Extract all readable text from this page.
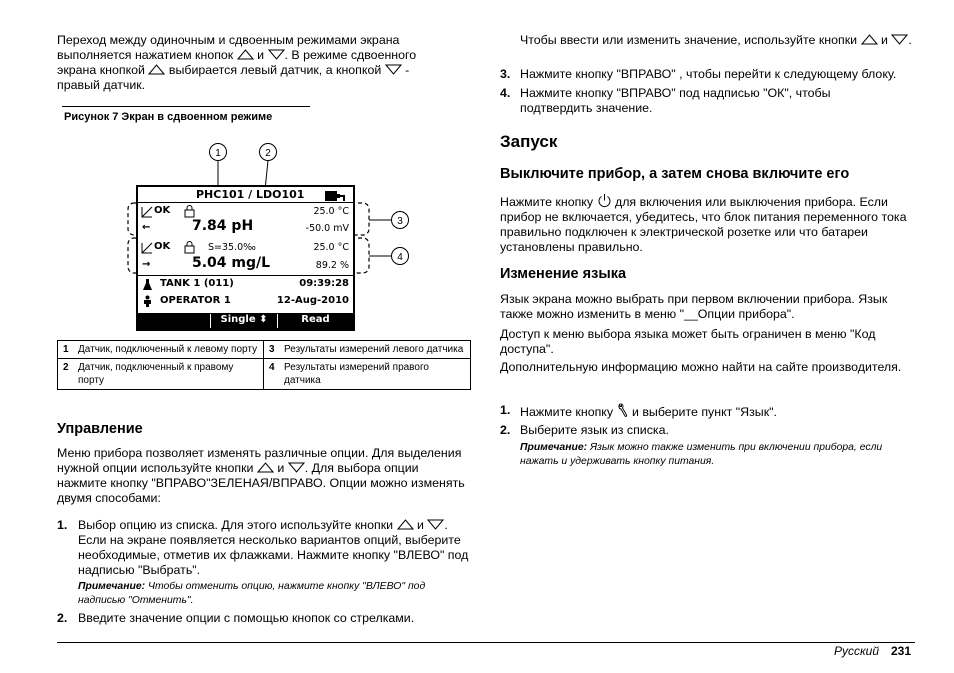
Переход между одиночным и сдвоенным режимами экрана выполняется нажатием кнопок и . В режиме сдвоенного экрана кнопкой выбирается левый датчик, а кнопкой - правый датчик.
Рисунок 7 Экран в сдвоенном режиме
1	2
3
4
PHC101 / LDO101
OK	25.0 °C
←	7.84 pH	-50.0 mV
OK	S=35.0‰	25.0 °C
→	5.04 mg/L	89.2 %
TANK 1 (011)	09:39:28
OPERATOR 1	12-Aug-2010
Single ⬍	Read
1	Датчик, подключенный к левому порту	3	Результаты измерений левого датчика
2	Датчик, подключенный к правому порту	4	Результаты измерений правого датчика
Управление
Меню прибора позволяет изменять различные опции. Для выделения нужной опции используйте кнопки и . Для выбора опции нажмите кнопку "ВПРАВО"ЗЕЛЕНАЯ/ВПРАВО. Опции можно изменять двумя способами:
1. Выбор опцию из списка. Для этого используйте кнопки и . Если на экране появляется несколько вариантов опций, выберите необходимые, отметив их флажками. Нажмите кнопку "ВЛЕВО" под надписью "Выбрать".
Примечание: Чтобы отменить опцию, нажмите кнопку "ВЛЕВО" под надписью "Отменить".
2. Введите значение опции с помощью кнопок со стрелками.
Чтобы ввести или изменить значение, используйте кнопки и .
3. Нажмите кнопку "ВПРАВО" , чтобы перейти к следующему блоку.
4. Нажмите кнопку "ВПРАВО" под надписью "ОК", чтобы подтвердить значение.
Запуск
Выключите прибор, а затем снова включите его
Нажмите кнопку для включения или выключения прибора. Если прибор не включается, убедитесь, что блок питания переменного тока правильно подключен к электрической розетке или что батареи установлены правильно.
Изменение языка
Язык экрана можно выбрать при первом включении прибора. Язык также можно изменить в меню "__Опции прибора".
Доступ к меню выбора языка может быть ограничен в меню "Код доступа".
Дополнительную информацию можно найти на сайте производителя.
1. Нажмите кнопку и выберите пункт "Язык".
2. Выберите язык из списка.
Примечание: Язык можно также изменить при включении прибора, если нажать и удерживать кнопку питания.
Русский 231
